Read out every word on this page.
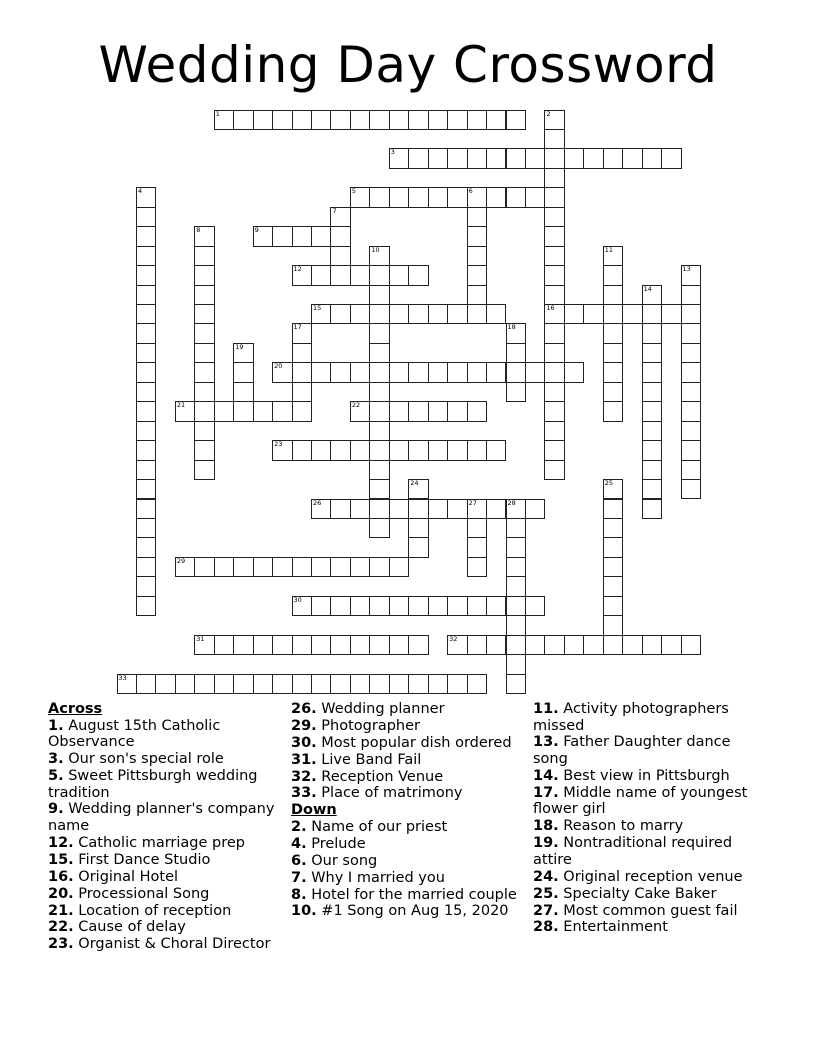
Wedding Day Crossword
1	2
16
3
4	5	6
7
8	9
10	11
12	13
14
15
17	18
19
20
21	22
23
24	25
26	27	28
29
30
31	32
33
Across
1. August 15th Catholic Observance
3. Our son's special role
5. Sweet Pittsburgh wedding tradition
9. Wedding planner's company name
12. Catholic marriage prep
15. First Dance Studio
16. Original Hotel
20. Processional Song
21. Location of reception
22. Cause of delay
23. Organist & Choral Director
26. Wedding planner
29. Photographer
30. Most popular dish ordered
31. Live Band Fail
32. Reception Venue
33. Place of matrimony
Down
2. Name of our priest
4. Prelude
6. Our song
7. Why I married you
8. Hotel for the married couple
10. #1 Song on Aug 15, 2020
11. Activity photographers missed
13. Father Daughter dance song
14. Best view in Pittsburgh
17. Middle name of youngest flower girl
18. Reason to marry
19. Nontraditional required attire
24. Original reception venue
25. Specialty Cake Baker
27. Most common guest fail
28. Entertainment
